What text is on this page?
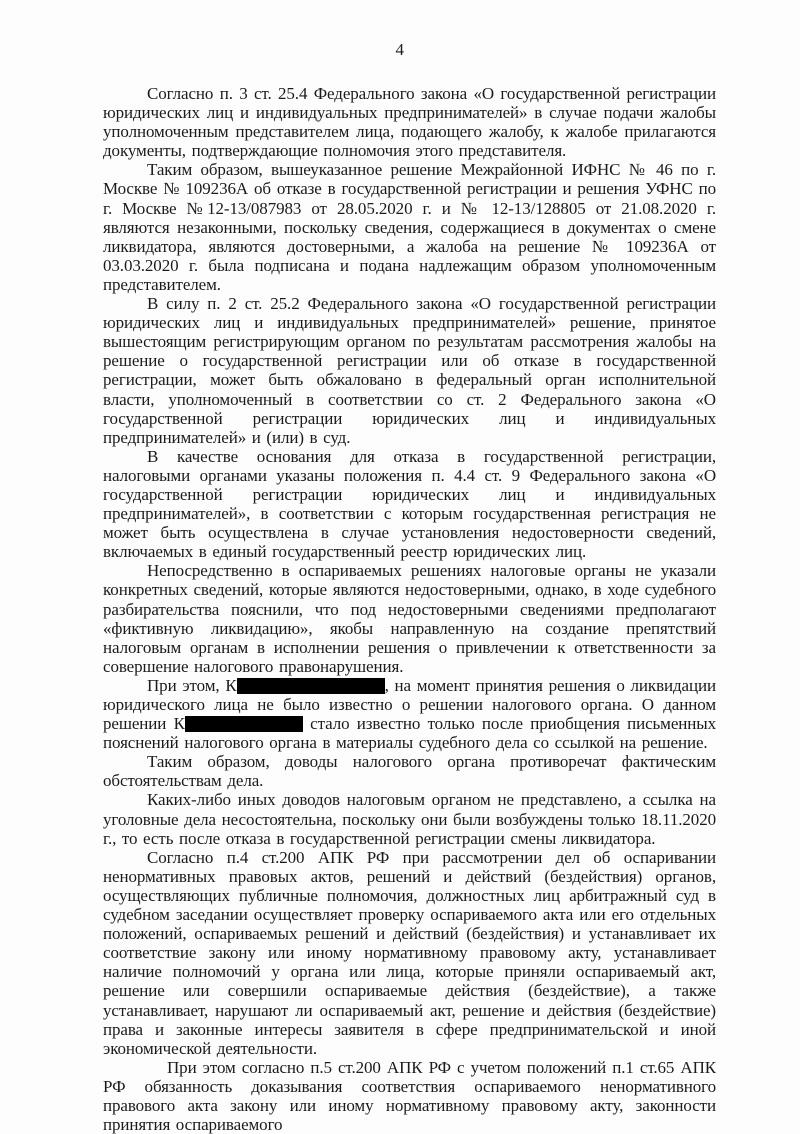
4

Согласно п. 3 ст. 25.4 Федерального закона «О государственной регистрации юридических лиц и индивидуальных предпринимателей» в случае подачи жалобы уполномоченным представителем лица, подающего жалобу, к жалобе прилагаются документы, подтверждающие полномочия этого представителя.

Таким образом, вышеуказанное решение Межрайонной ИФНС № 46 по г. Москве № 109236А об отказе в государственной регистрации и решения УФНС по г. Москве №12-13/087983 от 28.05.2020 г. и № 12-13/128805 от 21.08.2020 г. являются незаконными, поскольку сведения, содержащиеся в документах о смене ликвидатора, являются достоверными, а жалоба на решение № 109236А от 03.03.2020 г. была подписана и подана надлежащим образом уполномоченным представителем.

В силу п. 2 ст. 25.2 Федерального закона «О государственной регистрации юридических лиц и индивидуальных предпринимателей» решение, принятое вышестоящим регистрирующим органом по результатам рассмотрения жалобы на решение о государственной регистрации или об отказе в государственной регистрации, может быть обжаловано в федеральный орган исполнительной власти, уполномоченный в соответствии со ст. 2 Федерального закона «О государственной регистрации юридических лиц и индивидуальных предпринимателей» и (или) в суд.

В качестве основания для отказа в государственной регистрации, налоговыми органами указаны положения п. 4.4 ст. 9 Федерального закона «О государственной регистрации юридических лиц и индивидуальных предпринимателей», в соответствии с которым государственная регистрация не может быть осуществлена в случае установления недостоверности сведений, включаемых в единый государственный реестр юридических лиц.

Непосредственно в оспариваемых решениях налоговые органы не указали конкретных сведений, которые являются недостоверными, однако, в ходе судебного разбирательства пояснили, что под недостоверными сведениями предполагают «фиктивную ликвидацию», якобы направленную на создание препятствий налоговым органам в исполнении решения о привлечении к ответственности за совершение налогового правонарушения.

При этом, К	, на момент принятия решения о ликвидации юридического лица не было известно о решении налогового органа. О данном решении К	стало известно только после приобщения письменных пояснений налогового органа в материалы судебного дела со ссылкой на решение.

Таким образом, доводы налогового органа противоречат фактическим обстоятельствам дела.

Каких-либо иных доводов налоговым органом не представлено, а ссылка на уголовные дела несостоятельна, поскольку они были возбуждены только 18.11.2020 г., то есть после отказа в государственной регистрации смены ликвидатора.

Согласно п.4 ст.200 АПК РФ при рассмотрении дел об оспаривании ненормативных правовых актов, решений и действий (бездействия) органов, осуществляющих публичные полномочия, должностных лиц арбитражный суд в судебном заседании осуществляет проверку оспариваемого акта или его отдельных положений, оспариваемых решений и действий (бездействия) и устанавливает их соответствие закону или иному нормативному правовому акту, устанавливает наличие полномочий у органа или лица, которые приняли оспариваемый акт, решение или совершили оспариваемые действия (бездействие), а также устанавливает, нарушают ли оспариваемый акт, решение и действия (бездействие) права и законные интересы заявителя в сфере предпринимательской и иной экономической деятельности.

При этом согласно п.5 ст.200 АПК РФ с учетом положений п.1 ст.65 АПК РФ обязанность доказывания соответствия оспариваемого ненормативного правового акта закону или иному нормативному правовому акту, законности принятия оспариваемого
